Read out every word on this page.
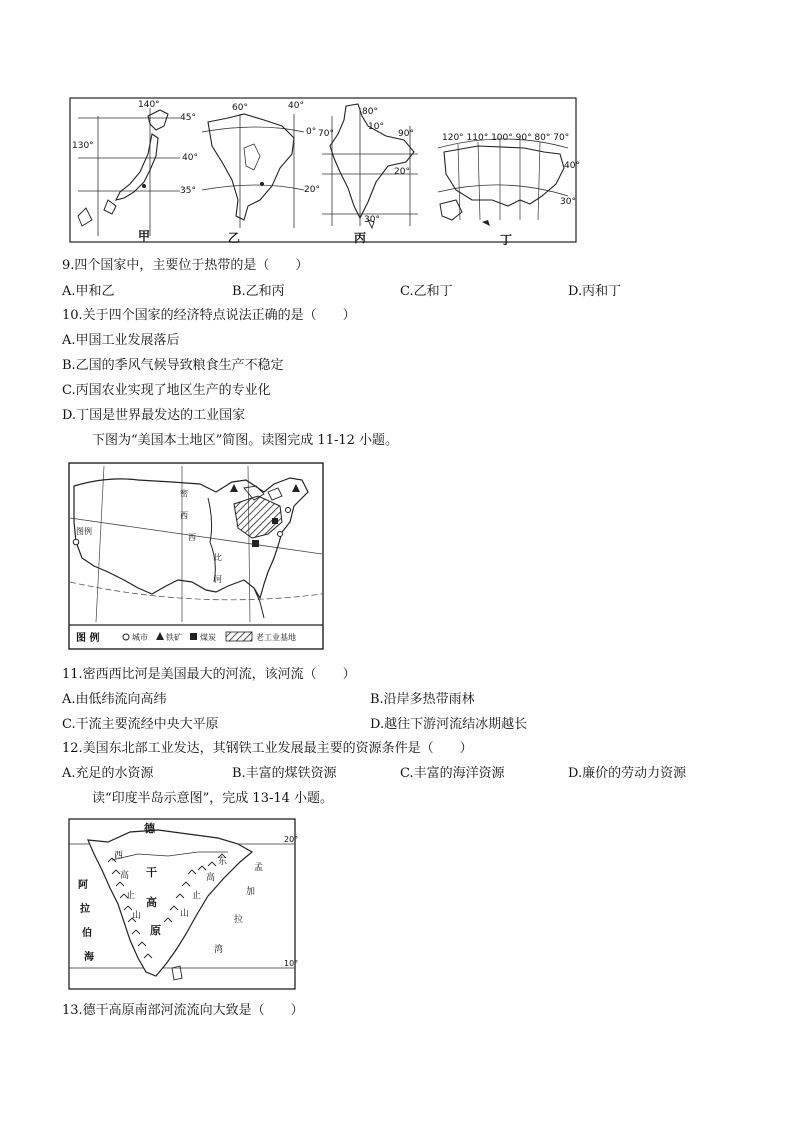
140°
45°
130°
40°
35°
甲
60°	40°
0°
20°
乙
80°
10°
70°	90°
20°
30°
丙
120° 110° 100° 90° 80° 70°
40°
30°
丁
9.四个国家中，主要位于热带的是（　　）
A.甲和乙	B.乙和丙	C.乙和丁	D.丙和丁
10.关于四个国家的经济特点说法正确的是（　　）
A.甲国工业发展落后
B.乙国的季风气候导致粮食生产不稳定
C.丙国农业实现了地区生产的专业化
D.丁国是世界最发达的工业国家
下图为“美国本土地区”简图。读图完成 11-12 小题。
密
西
西
比
河
图例
图 例	城市 铁矿 煤炭	老工业基地
11.密西西比河是美国最大的河流，该河流（　　）
A.由低纬流向高纬	B.沿岸多热带雨林
C.干流主要流经中央大平原	D.越往下游河流结冰期越长
12.美国东北部工业发达，其钢铁工业发展最主要的资源条件是（　　）
A.充足的水资源	B.丰富的煤铁资源	C.丰富的海洋资源	D.廉价的劳动力资源
读“印度半岛示意图”，完成 13-14 小题。
德
干
高
原
西
高
止
山
东
高
止
山
阿
拉
伯
海
孟
加
拉
湾
20°
10°
13.德干高原南部河流流向大致是（　　）
